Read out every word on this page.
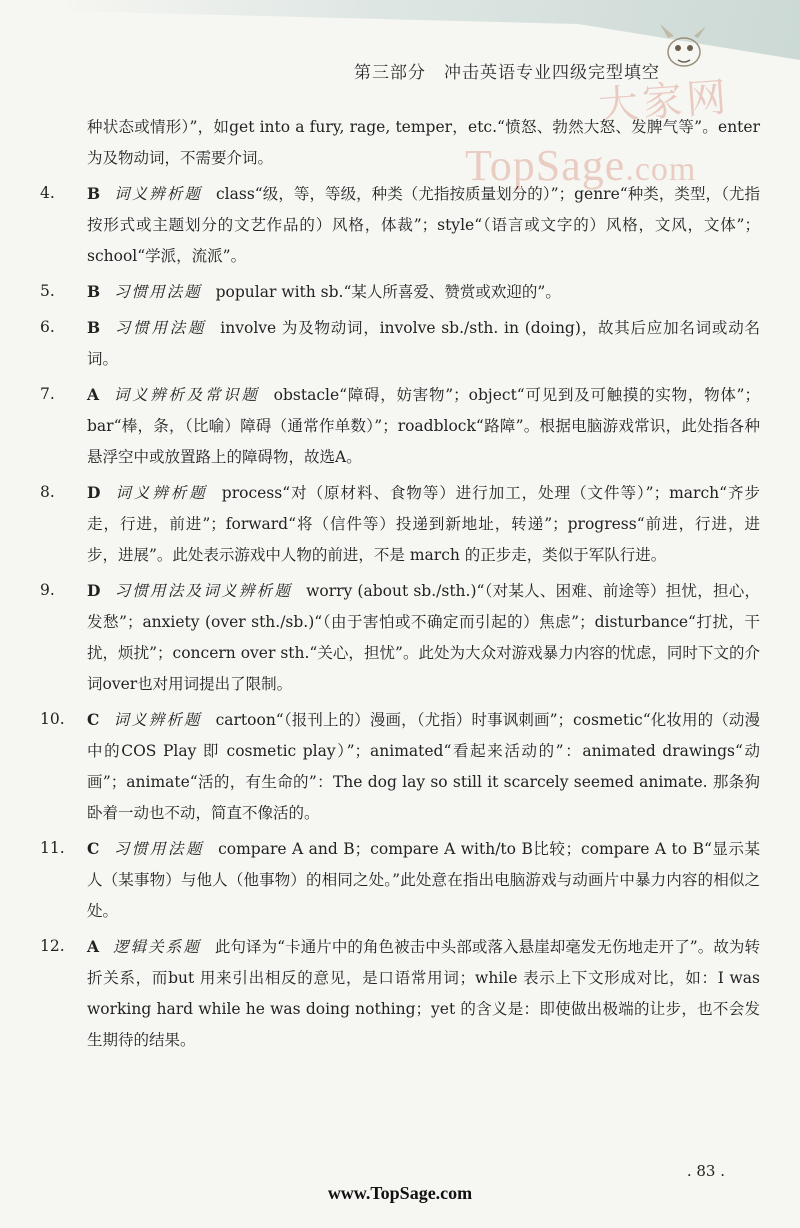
第三部分　冲击英语专业四级完型填空
大家网
TopSage.com
种状态或情形）”，如get into a fury, rage, temper，etc.“愤怒、勃然大怒、发脾气等”。enter 为及物动词，不需要介词。
4.	B 词义辨析题 class“级，等，等级，种类（尤指按质量划分的）”；genre“种类，类型，（尤指按形式或主题划分的文艺作品的）风格，体裁”；style“（语言或文字的）风格，文风，文体”；school“学派，流派”。
5.	B 习惯用法题 popular with sb.“某人所喜爱、赞赏或欢迎的”。
6.	B 习惯用法题 involve 为及物动词，involve sb./sth. in (doing)，故其后应加名词或动名词。
7.	A 词义辨析及常识题 obstacle“障碍，妨害物”；object“可见到及可触摸的实物，物体”；bar“棒，条，（比喻）障碍（通常作单数）”；roadblock“路障”。根据电脑游戏常识，此处指各种悬浮空中或放置路上的障碍物，故选A。
8.	D 词义辨析题 process“对（原材料、食物等）进行加工，处理（文件等）”；march“齐步走，行进，前进”；forward“将（信件等）投递到新地址，转递”；progress“前进，行进，进步，进展”。此处表示游戏中人物的前进，不是 march 的正步走，类似于军队行进。
9.	D 习惯用法及词义辨析题 worry (about sb./sth.)“（对某人、困难、前途等）担忧，担心，发愁”；anxiety (over sth./sb.)“（由于害怕或不确定而引起的）焦虑”；disturbance“打扰，干扰，烦扰”；concern over sth.“关心，担忧”。此处为大众对游戏暴力内容的忧虑，同时下文的介词over也对用词提出了限制。
10.	C 词义辨析题 cartoon“（报刊上的）漫画，（尤指）时事讽刺画”；cosmetic“化妆用的（动漫中的COS Play 即 cosmetic play）”；animated“看起来活动的”：animated drawings“动画”；animate“活的，有生命的”：The dog lay so still it scarcely seemed animate. 那条狗卧着一动也不动，简直不像活的。
11.	C 习惯用法题 compare A and B；compare A with/to B比较；compare A to B“显示某人（某事物）与他人（他事物）的相同之处。”此处意在指出电脑游戏与动画片中暴力内容的相似之处。
12.	A 逻辑关系题 此句译为“卡通片中的角色被击中头部或落入悬崖却毫发无伤地走开了”。故为转折关系，而but 用来引出相反的意见，是口语常用词；while 表示上下文形成对比，如：I was working hard while he was doing nothing；yet 的含义是：即使做出极端的让步，也不会发生期待的结果。
. 83 .
www.TopSage.com
